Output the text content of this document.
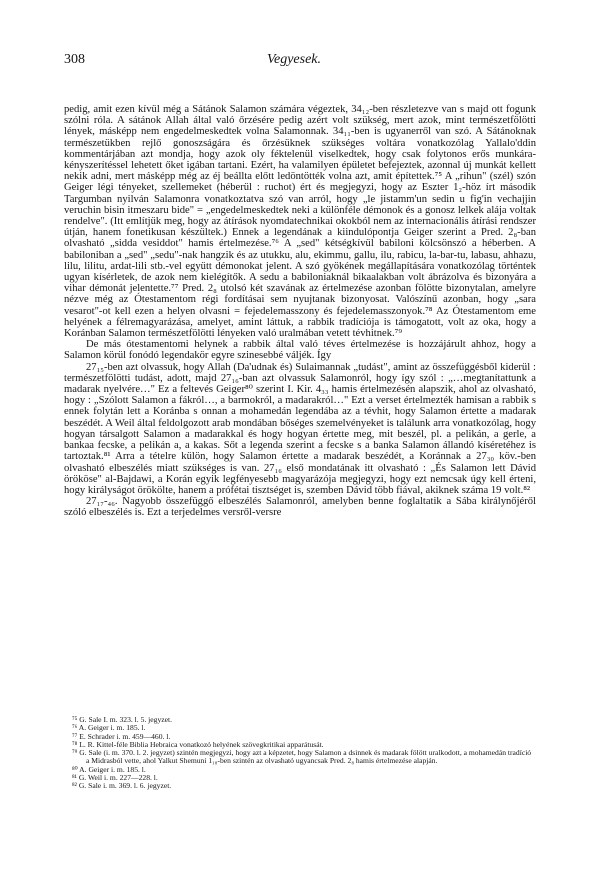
308	Vegyesek.

pedig, amit ezen kívül még a Sátánok Salamon számára végeztek, 34₁₂-ben részletezve van s majd ott fogunk szólni róla. A sátánok Allah által való őrzésére pedig azért volt szükség, mert azok, mint természetfölötti lények, másképp nem engedelmeskedtek volna Salamonnak. 34₁₁-ben is ugyanerről van szó. A Sátánoknak természetükben rejlő gonoszságára és őrzésüknek szükséges voltára vonatkozólag Yallalo'ddin kommentárjában azt mondja, hogy azok oly féktelenül viselkedtek, hogy csak folytonos erős munkára-kényszerítéssel lehetett őket igában tartani. Ezért, ha valamilyen épületet befejeztek, azonnal új munkát kellett nekik adni, mert másképp még az éj beállta előtt ledöntötték volna azt, amit építettek.⁷⁵ A „rihun" (szél) szón Geiger légi tényeket, szellemeket (héberül : ruchot) ért és megjegyzi, hogy az Eszter 1₂-höz írt második Targumban nyilván Salamonra vonatkoztatva szó van arról, hogy „le jistamm'un sedin u fig'in vechajjin veruchin bisin itmeszaru bide" = „engedelmeskedtek neki a különféle démonok és a gonosz lelkek alája voltak rendelve". (Itt említjük meg, hogy az átírások nyomdatechnikai okokból nem az internacionális átírási rendszer útján, hanem fonetikusan készültek.) Ennek a legendának a kiindulópontja Geiger szerint a Pred. 2₈-ban olvasható „sidda vesiddot" hamis értelmezése.⁷⁶ A „sed" kétségkívül babiloni kölcsönszó a héberben. A babiloniban a „sed" „sedu"-nak hangzik és az utukku, alu, ekimmu, gallu, ilu, rabicu, la-bar-tu, labasu, ahhazu, lilu, lilitu, ardat-lili stb.-vel együtt démonokat jelent. A szó gyökének megállapítására vonatkozólag történtek ugyan kísérletek, de azok nem kielégítők. A sedu a babiloniaknál bikaalakban volt ábrázolva és bizonyára a vihar démonát jelentette.⁷⁷ Pred. 2₈ utolsó két szavának az értelmezése azonban fölötte bizonytalan, amelyre nézve még az Ótestamentom régi fordításai sem nyujtanak bizonyosat. Valószínű azonban, hogy „sara vesarot"-ot kell ezen a helyen olvasni = fejedelemasszony és fejedelemasszonyok.⁷⁸ Az Ótestamentom eme helyének a félremagyarázása, amelyet, amint láttuk, a rabbik tradíciója is támogatott, volt az oka, hogy a Koránban Salamon természetfölötti lényeken való uralmában vetett tévhitnek.⁷⁹

De más ótestamentomi helynek a rabbik által való téves értelmezése is hozzájárult ahhoz, hogy a Salamon körül fonódó legendakör egyre szinesebbé váljék. Így

27₁₅-ben azt olvassuk, hogy Allah (Da'udnak és) Sulaimannak „tudást", amint az összefüggésből kiderül : természetfölötti tudást, adott, majd 27₁₆-ban azt olvassuk Salamonról, hogy így szól : „…megtanítattunk a madarak nyelvére…" Ez a feltevés Geiger⁸⁰ szerint I. Kir. 4₃₃ hamis értelmezésén alapszik, ahol az olvasható, hogy : „Szólott Salamon a fákról…, a barmokról, a madarakról…" Ezt a verset értelmezték hamisan a rabbik s ennek folytán lett a Koránba s onnan a mohamedán legendába az a tévhit, hogy Salamon értette a madarak beszédét. A Weil által feldolgozott arab mondában bőséges szemelvényeket is találunk arra vonatkozólag, hogy hogyan társalgott Salamon a madarakkal és hogy hogyan értette meg, mit beszél, pl. a pelikán, a gerle, a bankaa fecske, a pelikán a, a kakas. Sőt a legenda szerint a fecske s a banka Salamon állandó kíséretéhez is tartoztak.⁸¹ Arra a tételre külön, hogy Salamon értette a madarak beszédét, a Koránnak a 27₃₀ köv.-ben olvasható elbeszélés miatt szükséges is van. 27₁₆ első mondatának itt olvasható : „És Salamon lett Dávid örököse" al-Bajdawi, a Korán egyik legfényesebb magyarázója megjegyzi, hogy ezt nemcsak úgy kell érteni, hogy királyságot örökölte, hanem a prófétai tisztséget is, szemben Dávid több fiával, akiknek száma 19 volt.⁸²

27₁₇-₄₆. Nagyobb összefüggő elbeszélés Salamonról, amelyben benne foglaltatik a Sába királynőjéről szóló elbeszélés is. Ezt a terjedelmes versről-versre

⁷⁵ G. Sale I. m. 323. l. 5. jegyzet.
⁷⁶ A. Geiger i. m. 185. l.
⁷⁷ E. Schrader i. m. 459—460. l.
⁷⁸ L. R. Kittel-féle Biblia Hebraica vonatkozó helyének szövegkritikai apparátusát.
⁷⁹ G. Sale (i. m. 370. l. 2. jegyzet) szintén megjegyzi, hogy azt a képzetet, hogy Salamon a dsinnek és madarak fölött uralkodott, a mohamedán tradíció a Midrasból vette, ahol Yalkut Shemuni 1₁₈-ben szintén az olvasható ugyancsak Pred. 2₈ hamis értelmezése alapján.
⁸⁰ A. Geiger i. m. 185. l.
⁸¹ G. Weil i. m. 227—228. l.
⁸² G. Sale i. m. 369. l. 6. jegyzet.
